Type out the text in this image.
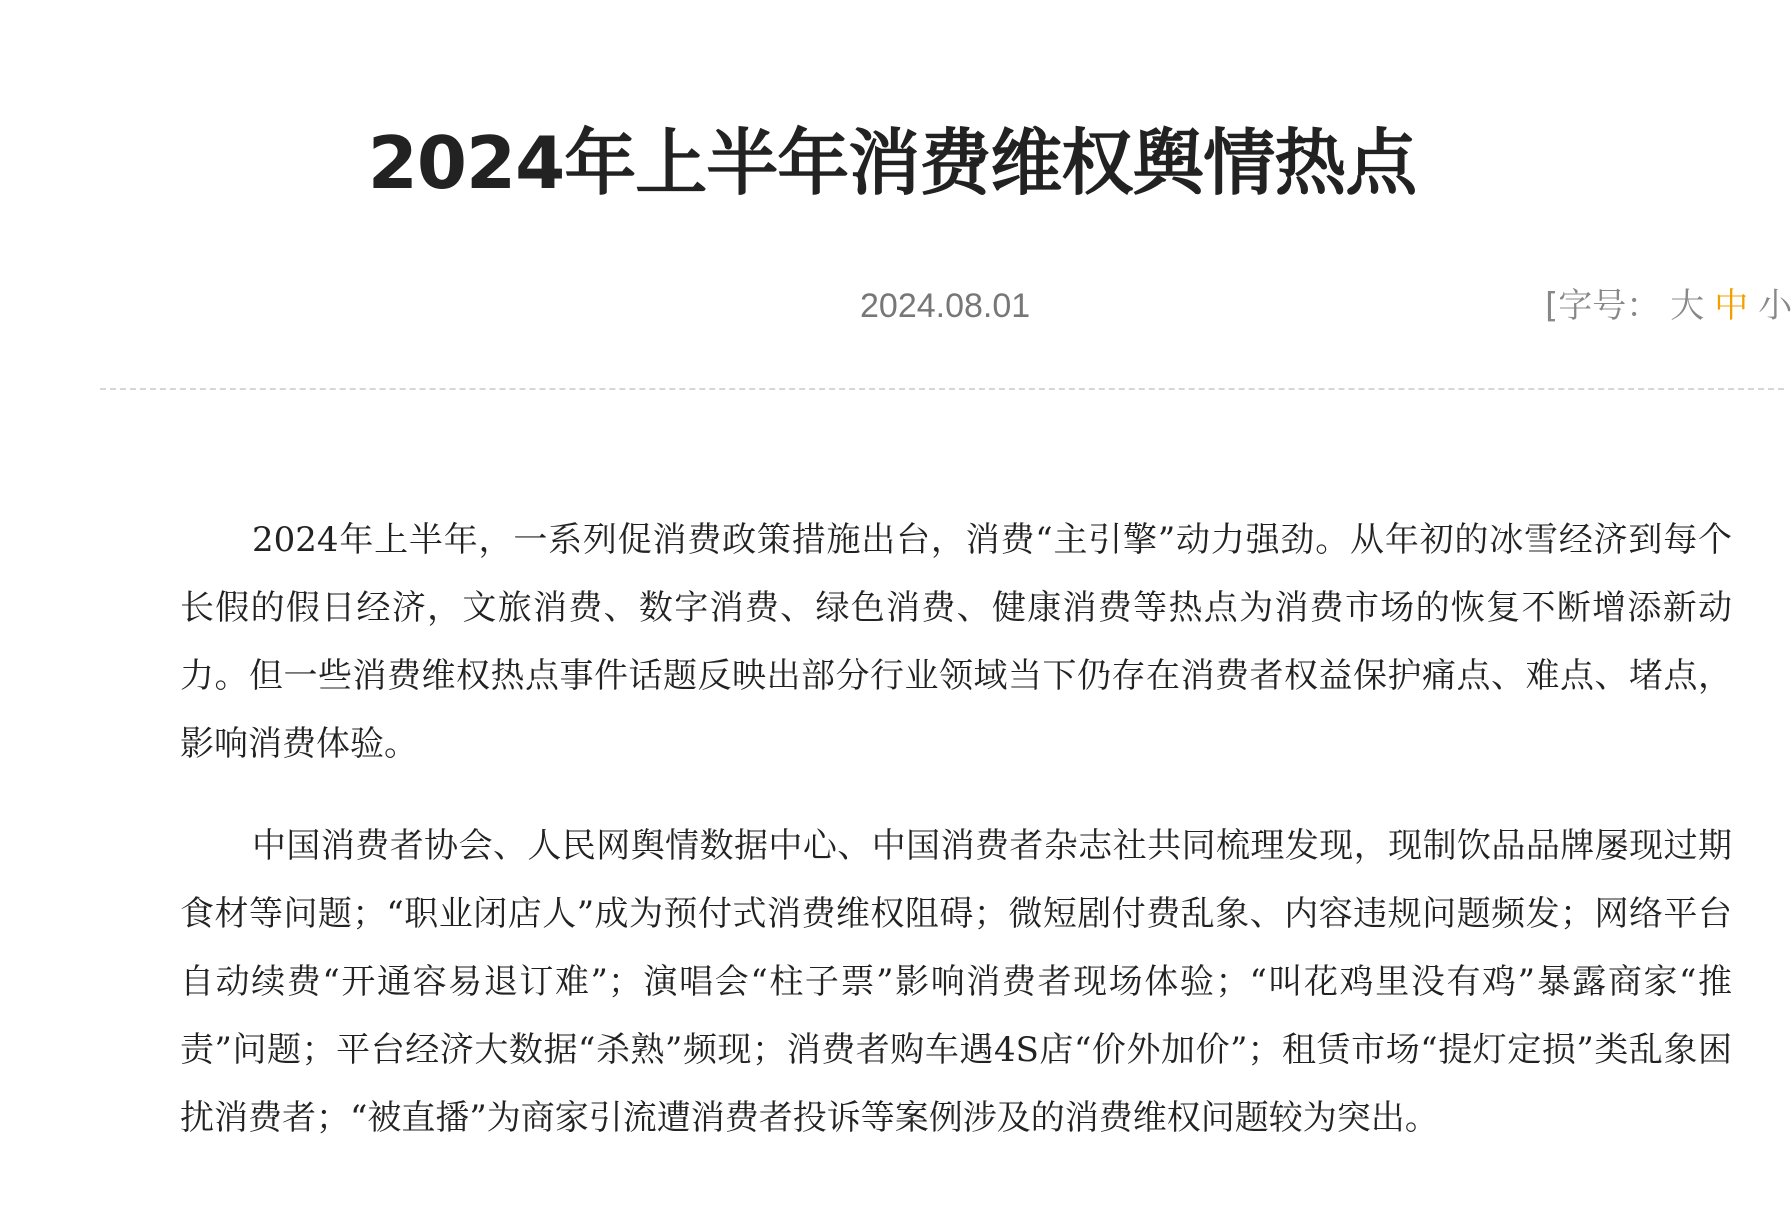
2024年上半年消费维权舆情热点
2024.08.01	[字号： 大 中 小

2024年上半年，一系列促消费政策措施出台，消费“主引擎”动力强劲。从年初的冰雪经济到每个长假的假日经济，文旅消费、数字消费、绿色消费、健康消费等热点为消费市场的恢复不断增添新动力。但一些消费维权热点事件话题反映出部分行业领域当下仍存在消费者权益保护痛点、难点、堵点，影响消费体验。

中国消费者协会、人民网舆情数据中心、中国消费者杂志社共同梳理发现，现制饮品品牌屡现过期食材等问题；“职业闭店人”成为预付式消费维权阻碍；微短剧付费乱象、内容违规问题频发；网络平台自动续费“开通容易退订难”；演唱会“柱子票”影响消费者现场体验；“叫花鸡里没有鸡”暴露商家“推责”问题；平台经济大数据“杀熟”频现；消费者购车遇4S店“价外加价”；租赁市场“提灯定损”类乱象困扰消费者；“被直播”为商家引流遭消费者投诉等案例涉及的消费维权问题较为突出。
